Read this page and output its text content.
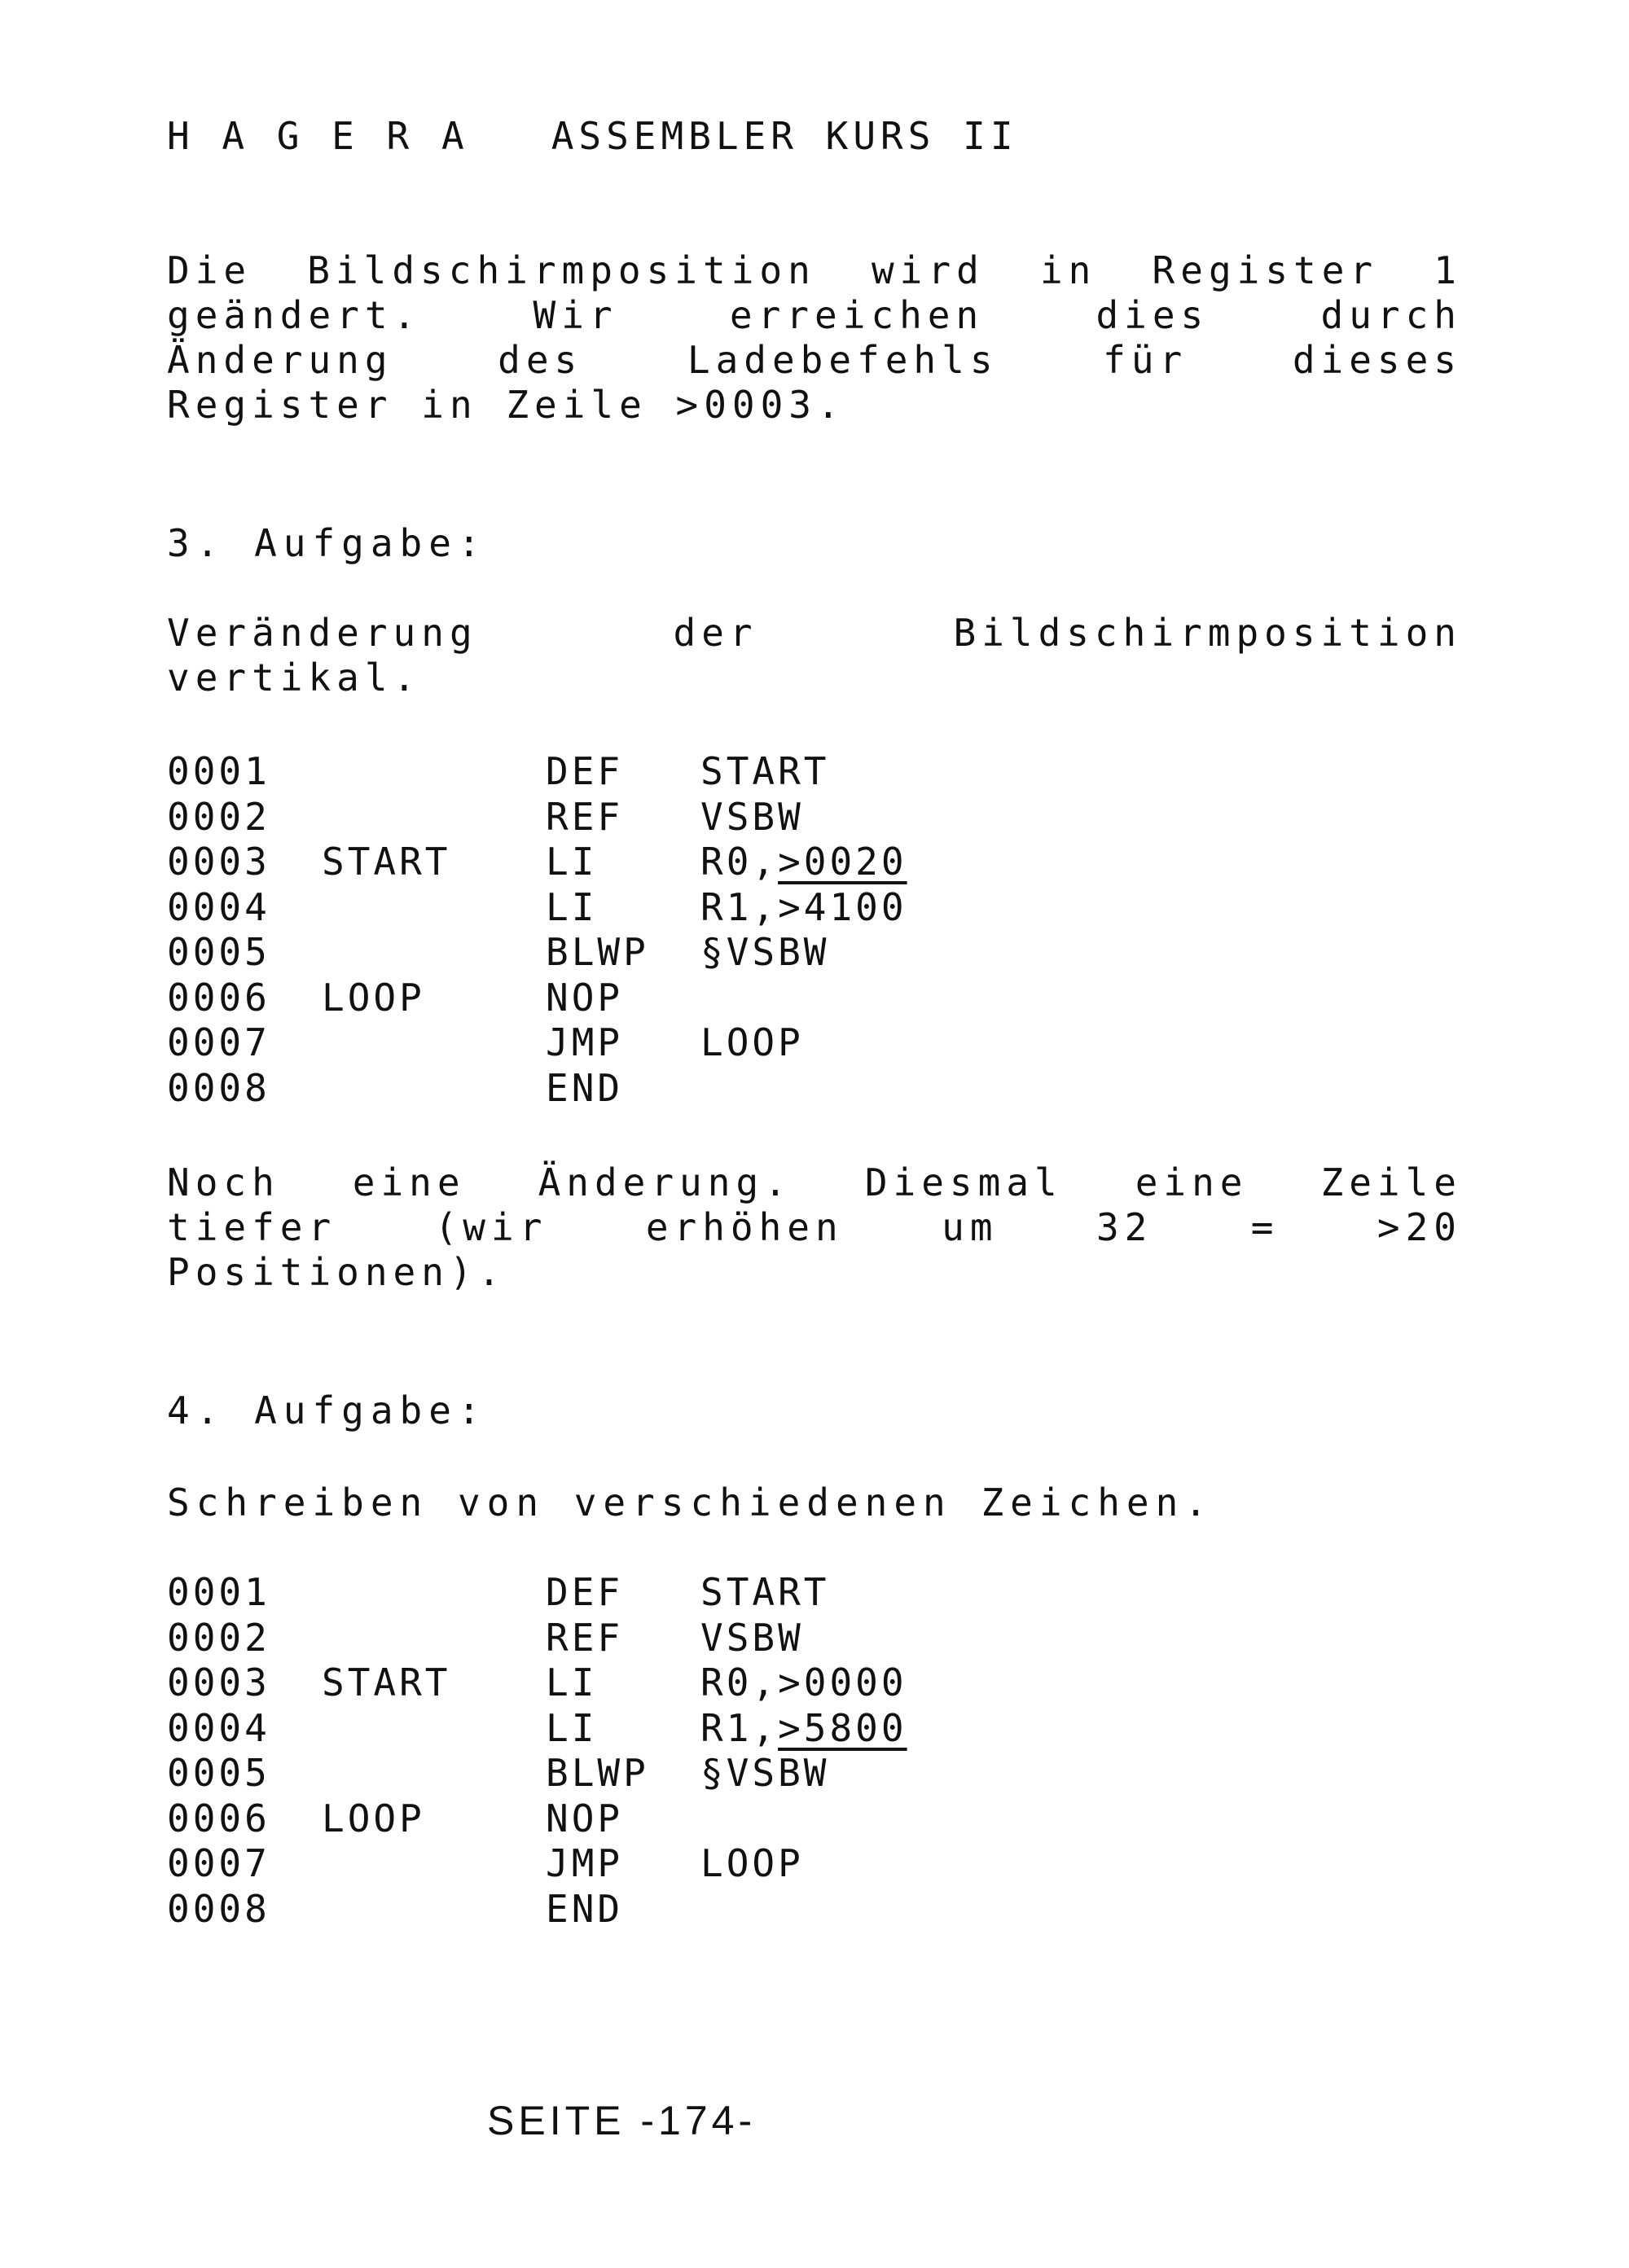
H A G E R A   ASSEMBLER KURS II
Die Bildschirmposition wird in Register 1
geändert. Wir erreichen dies durch
Änderung des Ladebefehls für dieses
Register in Zeile >0003.
3. Aufgabe:
Veränderung der Bildschirmposition
vertikal.
0001	DEF START
0002	REF VSBW
0003 START	LI	R0,>0020
0004	LI	R1,>4100
0005	BLWP §VSBW
0006 LOOP	NOP
0007	JMP LOOP
0008	END
Noch eine Änderung. Diesmal eine Zeile
tiefer (wir erhöhen um 32 = >20
Positionen).
4. Aufgabe:
Schreiben von verschiedenen Zeichen.
0001	DEF START
0002	REF VSBW
0003 START	LI	R0,>0000
0004	LI	R1,>5800
0005	BLWP §VSBW
0006 LOOP	NOP
0007	JMP LOOP
0008	END
SEITE -174-
